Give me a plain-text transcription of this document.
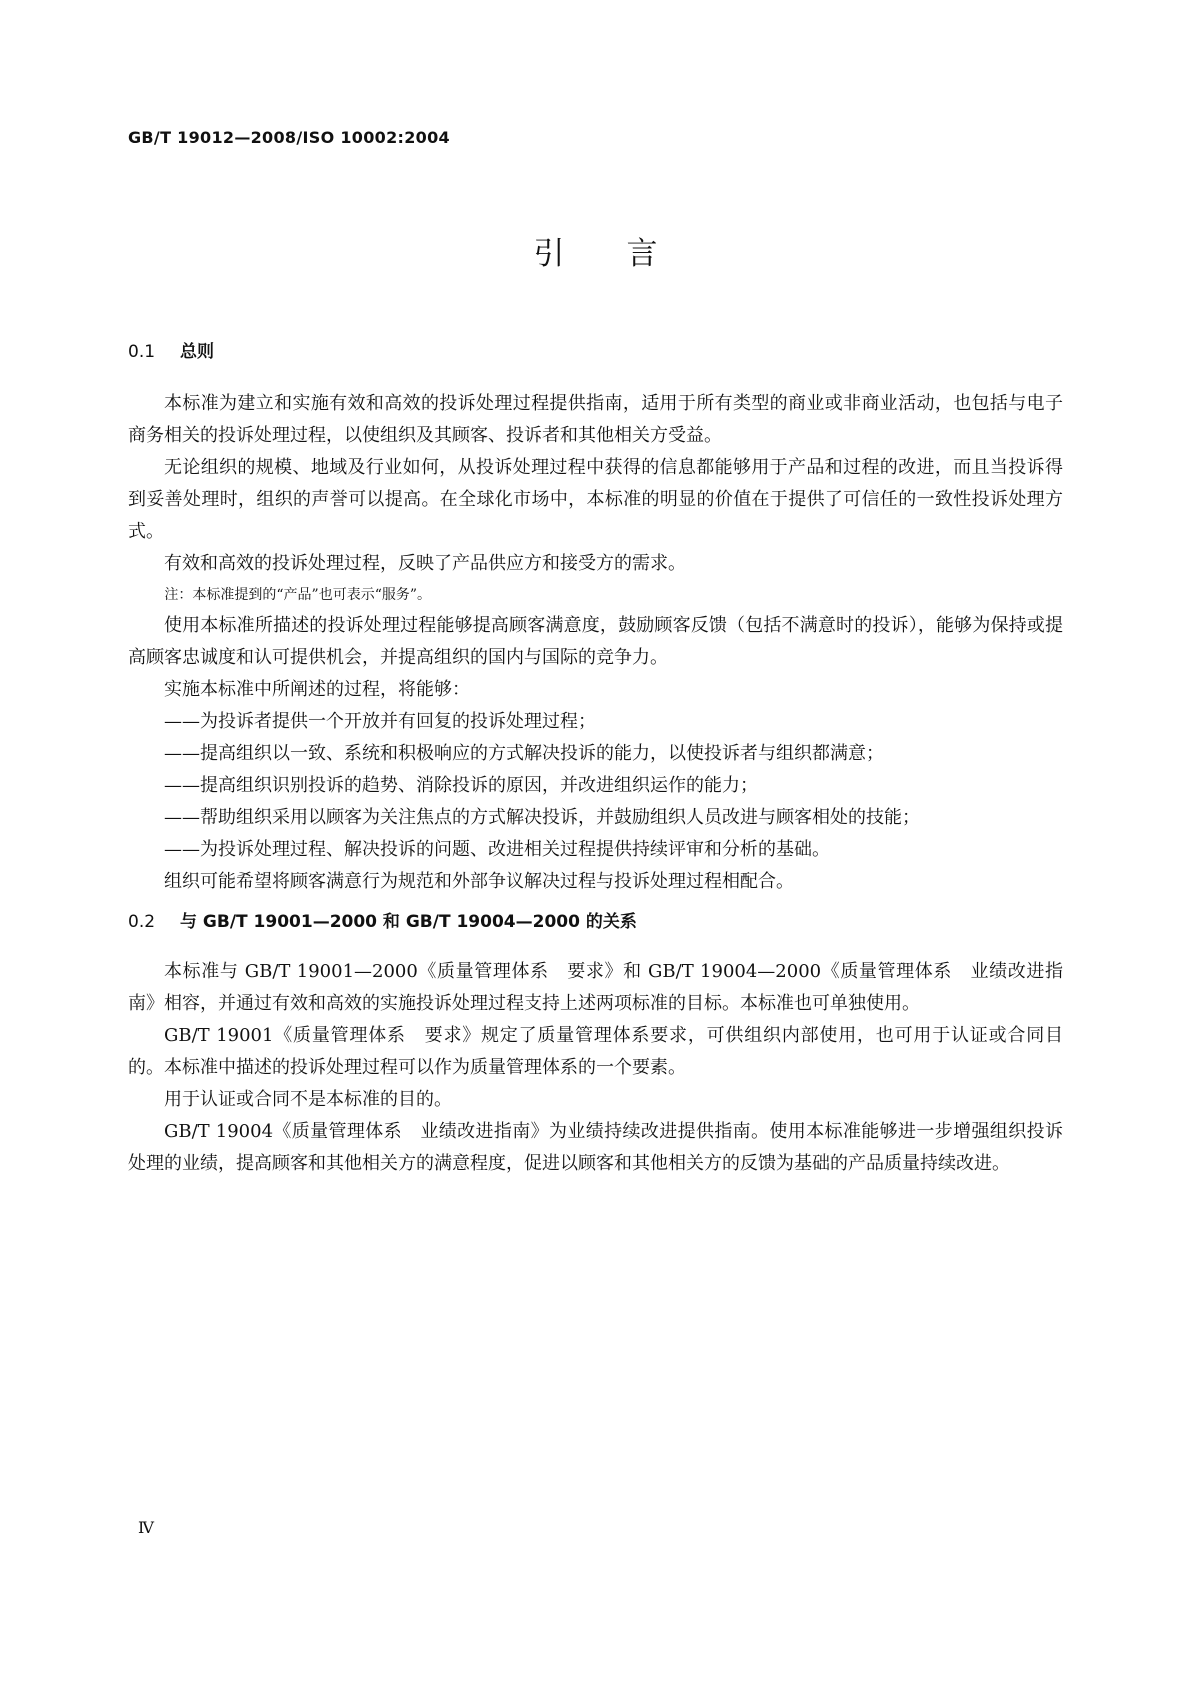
GB/T 19012—2008/ISO 10002:2004
引言
0.1 总则

本标准为建立和实施有效和高效的投诉处理过程提供指南，适用于所有类型的商业或非商业活动，也包括与电子商务相关的投诉处理过程，以使组织及其顾客、投诉者和其他相关方受益。

无论组织的规模、地域及行业如何，从投诉处理过程中获得的信息都能够用于产品和过程的改进，而且当投诉得到妥善处理时，组织的声誉可以提高。在全球化市场中，本标准的明显的价值在于提供了可信任的一致性投诉处理方式。

有效和高效的投诉处理过程，反映了产品供应方和接受方的需求。

注：本标准提到的“产品”也可表示“服务”。

使用本标准所描述的投诉处理过程能够提高顾客满意度，鼓励顾客反馈（包括不满意时的投诉），能够为保持或提高顾客忠诚度和认可提供机会，并提高组织的国内与国际的竞争力。

实施本标准中所阐述的过程，将能够：

——为投诉者提供一个开放并有回复的投诉处理过程；

——提高组织以一致、系统和积极响应的方式解决投诉的能力，以使投诉者与组织都满意；

——提高组织识别投诉的趋势、消除投诉的原因，并改进组织运作的能力；

——帮助组织采用以顾客为关注焦点的方式解决投诉，并鼓励组织人员改进与顾客相处的技能；

——为投诉处理过程、解决投诉的问题、改进相关过程提供持续评审和分析的基础。

组织可能希望将顾客满意行为规范和外部争议解决过程与投诉处理过程相配合。

0.2 与 GB/T 19001—2000 和 GB/T 19004—2000 的关系

本标准与 GB/T 19001—2000《质量管理体系　要求》和 GB/T 19004—2000《质量管理体系　业绩改进指南》相容，并通过有效和高效的实施投诉处理过程支持上述两项标准的目标。本标准也可单独使用。

GB/T 19001《质量管理体系　要求》规定了质量管理体系要求，可供组织内部使用，也可用于认证或合同目的。本标准中描述的投诉处理过程可以作为质量管理体系的一个要素。

用于认证或合同不是本标准的目的。

GB/T 19004《质量管理体系　业绩改进指南》为业绩持续改进提供指南。使用本标准能够进一步增强组织投诉处理的业绩，提高顾客和其他相关方的满意程度，促进以顾客和其他相关方的反馈为基础的产品质量持续改进。

Ⅳ
